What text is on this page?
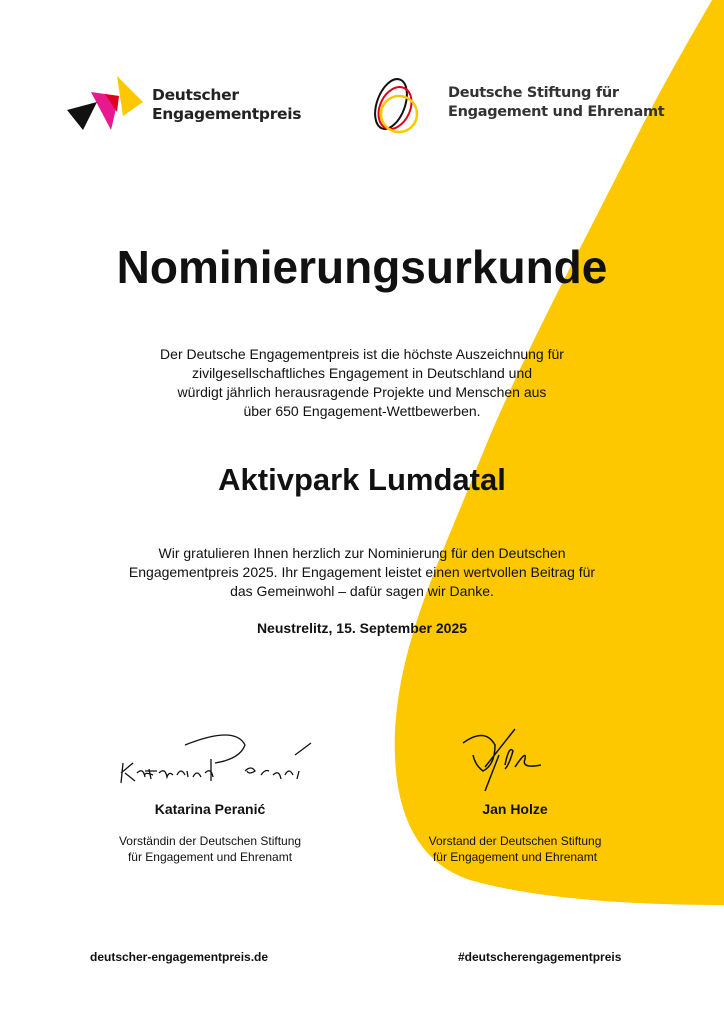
Deutscher
Engagementpreis
Deutsche Stiftung für
Engagement und Ehrenamt
Nominierungsurkunde
Der Deutsche Engagementpreis ist die höchste Auszeichnung für
zivilgesellschaftliches Engagement in Deutschland und
würdigt jährlich herausragende Projekte und Menschen aus
über 650 Engagement-Wettbewerben.
Aktivpark Lumdatal
Wir gratulieren Ihnen herzlich zur Nominierung für den Deutschen
Engagementpreis 2025. Ihr Engagement leistet einen wertvollen Beitrag für
das Gemeinwohl – dafür sagen wir Danke.
Neustrelitz, 15. September 2025
Katarina Peranić
Vorständin der Deutschen Stiftung
für Engagement und Ehrenamt
Jan Holze
Vorstand der Deutschen Stiftung
für Engagement und Ehrenamt
deutscher-engagementpreis.de	#deutscherengagementpreis
